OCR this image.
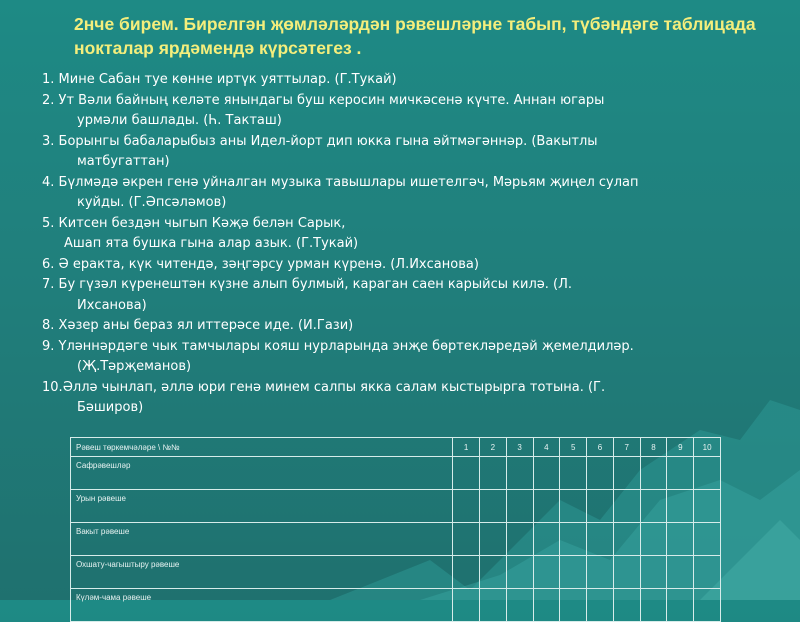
2нче бирем. Бирелгән җөмләләрдән рәвешләрне табып, түбәндәге таблицада нокталар ярдәмендә күрсәтегез .
1. Мине Сабан туе көнне иртүк уяттылар. (Г.Тукай)
2. Ут Вәли байның келәте янындагы буш керосин мичкәсенә күчте. Аннан югары
урмәли башлады. (Һ. Такташ)
3. Борынгы бабаларыбыз аны Идел-йорт дип юкка гына әйтмәгәннәр. (Вакытлы
матбугаттан)
4. Бүлмәдә әкрен генә уйналган музыка тавышлары ишетелгәч, Мәрьям җиңел сулап
куйды. (Г.Әпсәләмов)
5. Китсен бездән чыгып Кәҗә белән Сарык,
Ашап ята бушка гына алар азык. (Г.Тукай)
6. Ә еракта, күк читендә, зәңгәрсу урман күренә. (Л.Ихсанова)
7. Бу гүзәл күренештән күзне алып булмый, караган саен карыйсы килә. (Л.
Ихсанова)
8. Хәзер аны бераз ял иттерәсе иде. (И.Гази)
9. Үләннәрдәге чык тамчылары кояш нурларында энҗе бөртекләредәй җемелдиләр.
(Җ.Тәрҗеманов)
10.Әллә чынлап, әллә юри генә минем салпы якка салам кыстырырга тотына. (Г.
Бәширов)
Рәвеш төркемчәләре \ №№	1	2	3	4	5	6	7	8	9	10
Сафрәвешләр										
Урын рәвеше										
Вакыт рәвеше										
Охшату-чагыштыру рәвеше										
Күләм-чама рәвеше										
